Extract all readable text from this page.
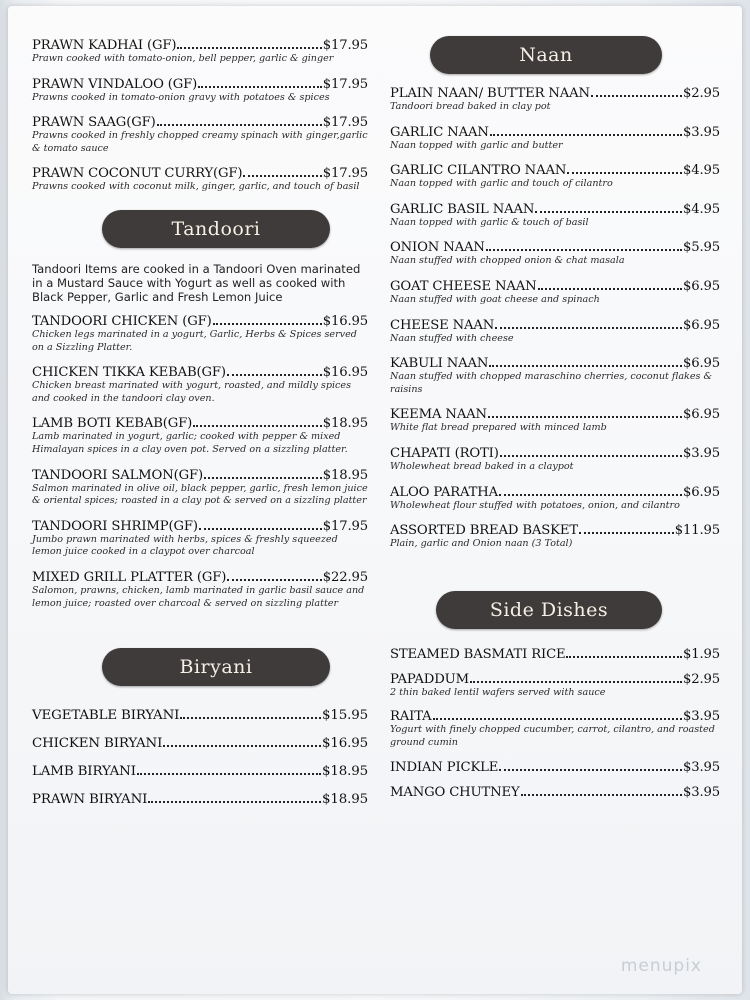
PRAWN KADHAI (GF)	$17.95
Prawn cooked with tomato-onion, bell pepper, garlic & ginger
PRAWN VINDALOO (GF)	$17.95
Prawns cooked in tomato-onion gravy with potatoes & spices
PRAWN SAAG(GF)	$17.95
Prawns cooked in freshly chopped creamy spinach with ginger,garlic & tomato sauce
PRAWN COCONUT CURRY(GF)	$17.95
Prawns cooked with coconut milk, ginger, garlic, and touch of basil
Tandoori
Tandoori Items are cooked in a Tandoori Oven marinated in a Mustard Sauce with Yogurt as well as cooked with Black Pepper, Garlic and Fresh Lemon Juice
TANDOORI CHICKEN (GF)	$16.95
Chicken legs marinated in a yogurt, Garlic, Herbs & Spices served on a Sizzling Platter.
CHICKEN TIKKA KEBAB(GF)	$16.95
Chicken breast marinated with yogurt, roasted, and mildly spices and cooked in the tandoori clay oven.
LAMB BOTI KEBAB(GF)	$18.95
Lamb marinated in yogurt, garlic; cooked with pepper & mixed Himalayan spices in a clay oven pot. Served on a sizzling platter.
TANDOORI SALMON(GF)	$18.95
Salmon marinated in olive oil, black pepper, garlic, fresh lemon juice & oriental spices; roasted in a clay pot & served on a sizzling platter
TANDOORI SHRIMP(GF)	$17.95
Jumbo prawn marinated with herbs, spices & freshly squeezed lemon juice cooked in a claypot over charcoal
MIXED GRILL PLATTER (GF)	$22.95
Salomon, prawns, chicken, lamb marinated in garlic basil sauce and lemon juice; roasted over charcoal & served on sizzling platter
Biryani
VEGETABLE BIRYANI	$15.95
CHICKEN BIRYANI	$16.95
LAMB BIRYANI	$18.95
PRAWN BIRYANI	$18.95
Naan
PLAIN NAAN/ BUTTER NAAN	$2.95
Tandoori bread baked in clay pot
GARLIC NAAN	$3.95
Naan topped with garlic and butter
GARLIC CILANTRO NAAN	$4.95
Naan topped with garlic and touch of cilantro
GARLIC BASIL NAAN	$4.95
Naan topped with garlic & touch of basil
ONION NAAN	$5.95
Naan stuffed with chopped onion & chat masala
GOAT CHEESE NAAN	$6.95
Naan stuffed with goat cheese and spinach
CHEESE NAAN	$6.95
Naan stuffed with cheese
KABULI NAAN	$6.95
Naan stuffed with chopped maraschino cherries, coconut flakes & raisins
KEEMA NAAN	$6.95
White flat bread prepared with minced lamb
CHAPATI (ROTI)	$3.95
Wholewheat bread baked in a claypot
ALOO PARATHA	$6.95
Wholewheat flour stuffed with potatoes, onion, and cilantro
ASSORTED BREAD BASKET	$11.95
Plain, garlic and Onion naan (3 Total)
Side Dishes
STEAMED BASMATI RICE	$1.95
PAPADDUM	$2.95
2 thin baked lentil wafers served with sauce
RAITA	$3.95
Yogurt with finely chopped cucumber, carrot, cilantro, and roasted ground cumin
INDIAN PICKLE	$3.95
MANGO CHUTNEY	$3.95
menupix
